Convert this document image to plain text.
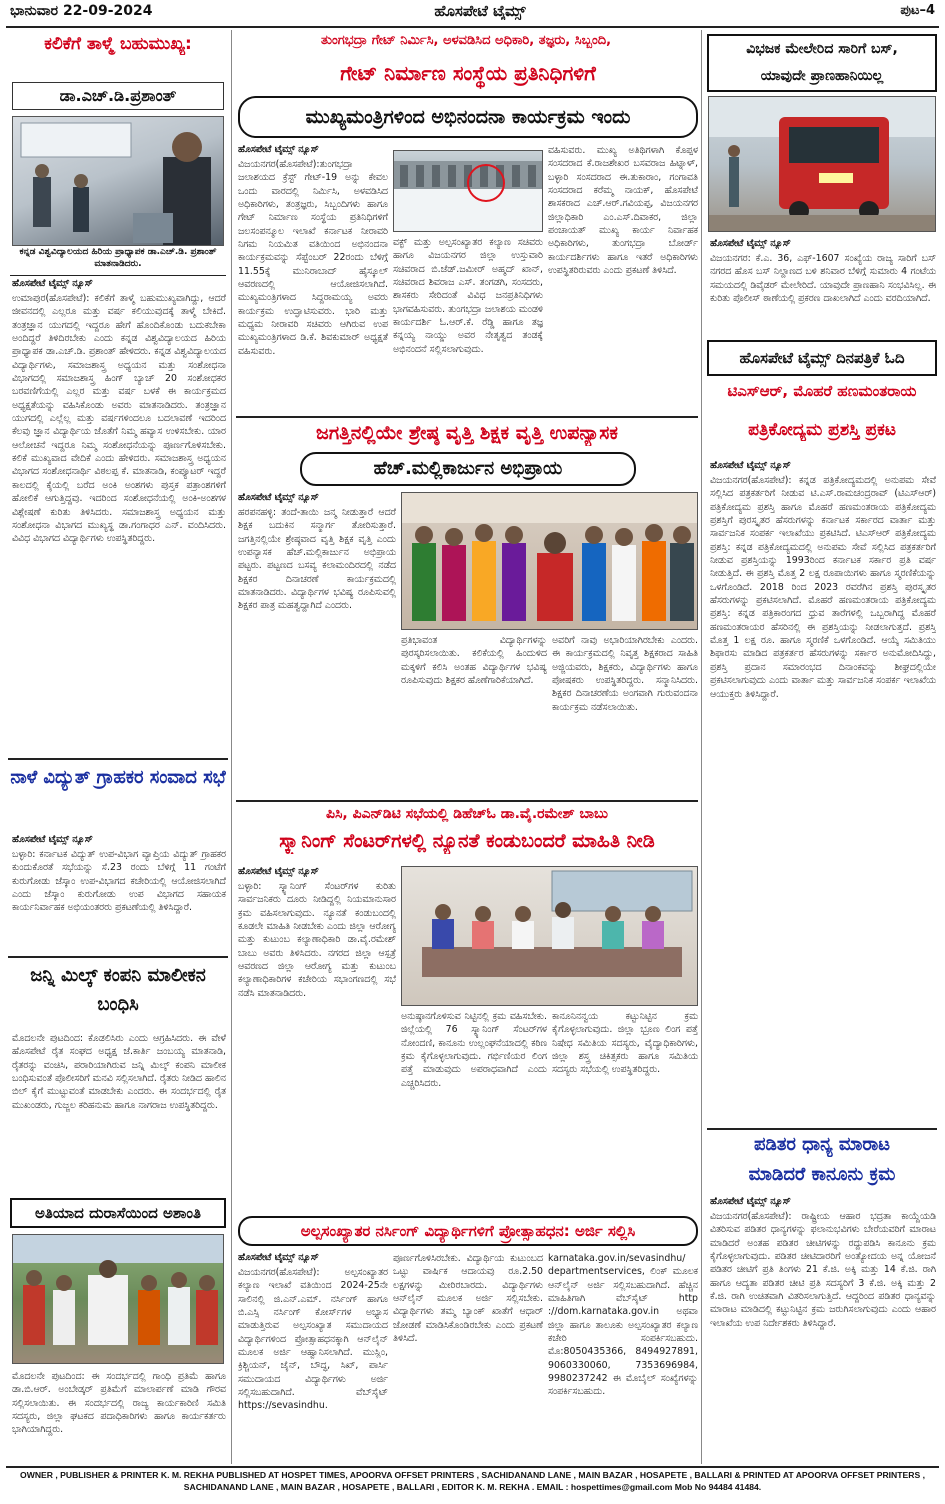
ಭಾನುವಾರ 22-09-2024	ಹೊಸಪೇಟೆ ಟೈಮ್ಸ್	ಪುಟ–4
ಕಲಿಕೆಗೆ ತಾಳ್ಮೆ ಬಹುಮುಖ್ಯ:
ಡಾ.ಎಚ್.ಡಿ.ಪ್ರಶಾಂತ್
ಕನ್ನಡ ವಿಶ್ವವಿದ್ಯಾಲಯದ ಹಿರಿಯ ಪ್ರಾಧ್ಯಾಪಕ ಡಾ.ಎಚ್.ಡಿ. ಪ್ರಶಾಂತ್ ಮಾತನಾಡಿದರು.
ಹೊಸಪೇಟೆ ಟೈಮ್ಸ್ ನ್ಯೂಸ್
ಉಮಾಪುರ(ಹೊಸಪೇಟೆ): ಕಲಿಕೆಗೆ ತಾಳ್ಮೆ ಬಹುಮುಖ್ಯವಾಗಿದ್ದು, ಆದರೆ ಜೀವನದಲ್ಲಿ ಎಲ್ಲರೂ ಮತ್ತು ವರ್ಷ ಕಲಿಯುವುದಕ್ಕೆ ತಾಳ್ಮೆ ಬೇಕಿದೆ. ತಂತ್ರಜ್ಞಾನ ಯುಗದಲ್ಲಿ ಇದ್ದರೂ ಹೇಗೆ ಹೊಂದಿಕೊಂಡು ಬದುಕಬೇಕಾ ಅಂದಿದ್ದರೆ ತಿಳಿದಿರಬೇಕು ಎಂದು ಕನ್ನಡ ವಿಶ್ವವಿದ್ಯಾಲಯದ ಹಿರಿಯ ಪ್ರಾಧ್ಯಾಪಕ ಡಾ.ಎಚ್.ಡಿ. ಪ್ರಶಾಂತ್ ಹೇಳಿದರು. ಕನ್ನಡ ವಿಶ್ವವಿದ್ಯಾಲಯದ ವಿದ್ಯಾರ್ಥಿಗಳು, ಸಮಾಜಶಾಸ್ತ್ರ ಅಧ್ಯಯನ ಮತ್ತು ಸಂಶೋಧನಾ ವಿಭಾಗದಲ್ಲಿ ಸಮಾಜಶಾಸ್ತ್ರ ಹಿಂಗ್ ಬ್ಯಾಚ್ 20 ಸಂಶೋಧಕರ ಬರವಣಿಗೆಯಲ್ಲಿ ಎಲ್ಲರ ಮತ್ತು ವರ್ಷ ಬಳಕೆ ಈ ಕಾರ್ಯಕ್ರಮದ ಅಧ್ಯಕ್ಷತೆಯನ್ನು ವಹಿಸಿಕೊಂಡು ಅವರು ಮಾತನಾಡಿದರು. ತಂತ್ರಜ್ಞಾನ ಯುಗದಲ್ಲಿ ಎಲ್ಲೆಲ್ಲ ಮತ್ತು ವರ್ಷಗಳಿಂದಲೂ ಬದಲಾವಣೆ ಇದರಿಂದ ಕೆಲವು ಜ್ಞಾನ ವಿದ್ಯಾರ್ಥಿಯ ಜೊತೆಗೆ ನಿಮ್ಮ ಹವ್ಯಾಸ ಉಳಿಸಬೇಕು. ಯಾರ ಆಲೋಚನೆ ಇದ್ದರೂ ನಿಮ್ಮ ಸಂಶೋಧನೆಯನ್ನು ಪೂರ್ಣಗೊಳಿಸಬೇಕು. ಕಲಿಕೆ ಮುಖ್ಯವಾದ ವೇದಿಕೆ ಎಂದು ಹೇಳಿದರು. ಸಮಾಜಶಾಸ್ತ್ರ ಅಧ್ಯಯನ ವಿಭಾಗದ ಸಂಶೋಧನಾರ್ಥಿ ವಿಠಲಪ್ಪ ಕೆ. ಮಾತನಾಡಿ, ಕಂಪ್ಯೂಟರ್ ಇದ್ದರೆ ಕಾಲದಲ್ಲಿ ಕೈಯಲ್ಲಿ ಬರೆದ ಅಂಕಿ ಅಂಶಗಳು ಪುಸ್ತಕ ಪತ್ರಾಂಶಗಳಿಗೆ ಹೋಲಿಕೆ ಆಗುತ್ತಿದ್ದವು. ಇದರಿಂದ ಸಂಶೋಧನೆಯಲ್ಲಿ ಅಂಕಿ-ಅಂಶಗಳ ವಿಶ್ಲೇಷಣೆ ಕುರಿತು ತಿಳಿಸಿದರು. ಸಮಾಜಶಾಸ್ತ್ರ ಅಧ್ಯಯನ ಮತ್ತು ಸಂಶೋಧನಾ ವಿಭಾಗದ ಮುಖ್ಯಸ್ಥ ಡಾ.ಗಂಗಾಧರ ಎನ್. ವಂದಿಸಿದರು. ವಿವಿಧ ವಿಭಾಗದ ವಿದ್ಯಾರ್ಥಿಗಳು ಉಪಸ್ಥಿತರಿದ್ದರು.
ನಾಳೆ ವಿದ್ಯುತ್ ಗ್ರಾಹಕರ ಸಂವಾದ ಸಭೆ
ಹೊಸಪೇಟೆ ಟೈಮ್ಸ್ ನ್ಯೂಸ್
ಬಳ್ಳಾರಿ: ಕರ್ನಾಟಕ ವಿದ್ಯುತ್ ಉಪ-ವಿಭಾಗ ವ್ಯಾಪ್ತಿಯ ವಿದ್ಯುತ್ ಗ್ರಾಹಕರ ಕುಂದುಕೊರತೆ ಸಭೆಯನ್ನು ಸೆ.23 ರಂದು ಬೆಳಿಗ್ಗೆ 11 ಗಂಟೆಗೆ ಕುರುಗೋಡು ಜೆಸ್ಕಾಂ ಉಪ-ವಿಭಾಗದ ಕಚೇರಿಯಲ್ಲಿ ಆಯೋಜಿಸಲಾಗಿದೆ ಎಂದು ಜೆಸ್ಕಾಂ ಕುರುಗೋಡು ಉಪ ವಿಭಾಗದ ಸಹಾಯಕ ಕಾರ್ಯನಿರ್ವಾಹಕ ಅಭಿಯಂತರರು ಪ್ರಕಟಣೆಯಲ್ಲಿ ತಿಳಿಸಿದ್ದಾರೆ.
ಜನ್ನಿ ಮಿಲ್ಕ್ ಕಂಪನಿ ಮಾಲೀಕನ ಬಂಧಿಸಿ
ಮೊದಲನೇ ಪುಟದಿಂದ: ಕೊಡಲಿಸಿರು ಎಂದು ಆಗ್ರಹಿಸಿದರು. ಈ ವೇಳೆ ಹೊಸಪೇಟೆ ರೈತ ಸಂಘದ ಅಧ್ಯಕ್ಷ ಜೆ.ಕಾರ್ತಿ ಜಂಬಯ್ಯ ಮಾತನಾಡಿ, ರೈತರನ್ನು ವಂಚಿಸಿ, ಪರಾರಿಯಾಗಿರುವ ಜನ್ನಿ ಮಿಲ್ಕ್ ಕಂಪನಿ ಮಾಲೀಕ ಬಂಧಿಸುವಂತೆ ಪೊಲೀಸರಿಗೆ ಮನವಿ ಸಲ್ಲಿಸಲಾಗಿದೆ. ರೈತರು ನೀಡಿದ ಹಾಲಿನ ಬಿಲ್ ಕೈಗೆ ಮುಟ್ಟುವಂತೆ ಮಾಡಬೇಕು ಎಂದರು. ಈ ಸಂದರ್ಭದಲ್ಲಿ ರೈತ ಮುಖಂಡರು, ಗುಜ್ಜಲ ಕರಿಹನುಮ ಹಾಗೂ ನಾಗರಾಜ ಉಪಸ್ಥಿತರಿದ್ದರು.
ಅತಿಯಾದ ದುರಾಸೆಯಿಂದ ಅಶಾಂತಿ
ಮೊದಲನೇ ಪುಟದಿಂದ: ಈ ಸಂದರ್ಭದಲ್ಲಿ ಗಾಂಧಿ ಪ್ರತಿಮೆ ಹಾಗೂ ಡಾ.ಬಿ.ಆರ್. ಅಂಬೇಡ್ಕರ್ ಪ್ರತಿಮೆಗೆ ಮಾಲಾರ್ಪಣೆ ಮಾಡಿ ಗೌರವ ಸಲ್ಲಿಸಲಾಯಿತು. ಈ ಸಂದರ್ಭದಲ್ಲಿ ರಾಜ್ಯ ಕಾರ್ಯಕಾರಿಣಿ ಸಮಿತಿ ಸದಸ್ಯರು, ಜಿಲ್ಲಾ ಘಟಕದ ಪದಾಧಿಕಾರಿಗಳು ಹಾಗೂ ಕಾರ್ಯಕರ್ತರು ಭಾಗಿಯಾಗಿದ್ದರು.
ತುಂಗಭದ್ರಾ ಗೇಟ್ ನಿರ್ಮಿಸಿ, ಅಳವಡಿಸಿದ ಅಧಿಕಾರಿ, ತಜ್ಞರು, ಸಿಬ್ಬಂದಿ,
ಗೇಟ್ ನಿರ್ಮಾಣ ಸಂಸ್ಥೆಯ ಪ್ರತಿನಿಧಿಗಳಿಗೆ
ಮುಖ್ಯಮಂತ್ರಿಗಳಿಂದ ಅಭಿನಂದನಾ ಕಾರ್ಯಕ್ರಮ ಇಂದು
ಹೊಸಪೇಟೆ ಟೈಮ್ಸ್ ನ್ಯೂಸ್
ವಿಜಯನಗರ(ಹೊಸಪೇಟೆ):ತುಂಗಭದ್ರಾ ಜಲಾಶಯದ ಕ್ರೆಸ್ಟ್ ಗೇಟ್-19 ಅನ್ನು ಕೇವಲ ಒಂದು ವಾರದಲ್ಲಿ ನಿರ್ಮಿಸಿ, ಅಳವಡಿಸಿದ ಅಧಿಕಾರಿಗಳು, ತಂತ್ರಜ್ಞರು, ಸಿಬ್ಬಂದಿಗಳು ಹಾಗೂ ಗೇಟ್ ನಿರ್ಮಾಣ ಸಂಸ್ಥೆಯ ಪ್ರತಿನಿಧಿಗಳಿಗೆ ಜಲಸಂಪನ್ಮೂಲ ಇಲಾಖೆ ಕರ್ನಾಟಕ ನೀರಾವರಿ ನಿಗಮ ನಿಯಮಿತ ವತಿಯಿಂದ ಅಭಿನಂದನಾ ಕಾರ್ಯಕ್ರಮವನ್ನು ಸೆಪ್ಟೆಂಬರ್ 22ರಂದು ಬೆಳಿಗ್ಗೆ 11.55ಕ್ಕೆ ಮುನಿರಾಬಾದ್ ಹೈಸ್ಕೂಲ್ ಆವರಣದಲ್ಲಿ ಆಯೋಜಿಸಲಾಗಿದೆ. ಮುಖ್ಯಮಂತ್ರಿಗಳಾದ ಸಿದ್ದರಾಮಯ್ಯ ಅವರು ಕಾರ್ಯಕ್ರಮ ಉದ್ಘಾಟಿಸುವರು. ಭಾರಿ ಮತ್ತು ಮಧ್ಯಮ ನೀರಾವರಿ ಸಚಿವರು ಆಗಿರುವ ಉಪ ಮುಖ್ಯಮಂತ್ರಿಗಳಾದ ಡಿ.ಕೆ. ಶಿವಕುಮಾರ್ ಅಧ್ಯಕ್ಷತೆ ವಹಿಸುವರು.
ವಕ್ಫ್ ಮತ್ತು ಅಲ್ಪಸಂಖ್ಯಾತರ ಕಲ್ಯಾಣ ಸಚಿವರು ಹಾಗೂ ವಿಜಯನಗರ ಜಿಲ್ಲಾ ಉಸ್ತುವಾರಿ ಸಚಿವರಾದ ಬಿ.ಜೆಡ್.ಜಮೀರ್ ಅಹ್ಮದ್ ಖಾನ್, ಸಚಿವರಾದ ಶಿವರಾಜ ಎಸ್. ತಂಗಡಗಿ, ಸಂಸದರು, ಶಾಸಕರು ಸೇರಿದಂತೆ ವಿವಿಧ ಜನಪ್ರತಿನಿಧಿಗಳು ಭಾಗವಹಿಸುವರು. ತುಂಗಭದ್ರಾ ಜಲಾಶಯ ಮಂಡಳಿ ಕಾರ್ಯದರ್ಶಿ ಓ.ಆರ್.ಕೆ. ರೆಡ್ಡಿ ಹಾಗೂ ತಜ್ಞ ಕನ್ನಯ್ಯ ನಾಯ್ಡು ಅವರ ನೇತೃತ್ವದ ತಂಡಕ್ಕೆ ಅಭಿನಂದನೆ ಸಲ್ಲಿಸಲಾಗುವುದು.
ವಹಿಸುವರು. ಮುಖ್ಯ ಅತಿಥಿಗಳಾಗಿ ಕೊಪ್ಪಳ ಸಂಸದರಾದ ಕೆ.ರಾಜಶೇಖರ ಬಸವರಾಜ ಹಿಟ್ನಾಳ್, ಬಳ್ಳಾರಿ ಸಂಸದರಾದ ಈ.ತುಕಾರಾಂ, ಗಂಗಾವತಿ ಸಂಸದರಾದ ಕರೆಮ್ಮ ನಾಯಕ್, ಹೊಸಪೇಟೆ ಶಾಸಕರಾದ ಎಚ್.ಆರ್.ಗವಿಯಪ್ಪ, ವಿಜಯನಗರ ಜಿಲ್ಲಾಧಿಕಾರಿ ಎಂ.ಎಸ್.ದಿವಾಕರ, ಜಿಲ್ಲಾ ಪಂಚಾಯತ್ ಮುಖ್ಯ ಕಾರ್ಯ ನಿರ್ವಾಹಕ ಅಧಿಕಾರಿಗಳು, ತುಂಗಭದ್ರಾ ಬೋರ್ಡ್ ಕಾರ್ಯದರ್ಶಿಗಳು ಹಾಗೂ ಇತರೆ ಅಧಿಕಾರಿಗಳು ಉಪಸ್ಥಿತರಿರುವರು ಎಂದು ಪ್ರಕಟಣೆ ತಿಳಿಸಿದೆ.
ಜಗತ್ತಿನಲ್ಲಿಯೇ ಶ್ರೇಷ್ಠ ವೃತ್ತಿ ಶಿಕ್ಷಕ ವೃತ್ತಿ ಉಪನ್ಯಾಸಕ
ಹೆಚ್.ಮಲ್ಲಿಕಾರ್ಜುನ ಅಭಿಪ್ರಾಯ
ಹೊಸಪೇಟೆ ಟೈಮ್ಸ್ ನ್ಯೂಸ್
ಹರಪನಹಳ್ಳಿ: ತಂದೆ-ತಾಯಿ ಜನ್ಮ ನೀಡುತ್ತಾರೆ ಆದರೆ ಶಿಕ್ಷಕ ಬದುಕಿನ ಸನ್ಮಾರ್ಗ ತೋರಿಸುತ್ತಾರೆ. ಜಗತ್ತಿನಲ್ಲಿಯೇ ಶ್ರೇಷ್ಠವಾದ ವೃತ್ತಿ ಶಿಕ್ಷಕ ವೃತ್ತಿ ಎಂದು ಉಪನ್ಯಾಸಕ ಹೆಚ್.ಮಲ್ಲಿಕಾರ್ಜುನ ಅಭಿಪ್ರಾಯ ಪಟ್ಟರು. ಪಟ್ಟಣದ ಬಸವ್ಯ ಕಲಾಮಂದಿರದಲ್ಲಿ ನಡೆದ ಶಿಕ್ಷಕರ ದಿನಾಚರಣೆ ಕಾರ್ಯಕ್ರಮದಲ್ಲಿ ಮಾತನಾಡಿದರು. ವಿದ್ಯಾರ್ಥಿಗಳ ಭವಿಷ್ಯ ರೂಪಿಸುವಲ್ಲಿ ಶಿಕ್ಷಕರ ಪಾತ್ರ ಮಹತ್ವದ್ದಾಗಿದೆ ಎಂದರು.
ಪ್ರತಿಭಾವಂತ ವಿದ್ಯಾರ್ಥಿಗಳನ್ನು ಪುರಸ್ಕರಿಸಲಾಯಿತು. ಕಲಿಕೆಯಲ್ಲಿ ಹಿಂದುಳಿದ ಮಕ್ಕಳಿಗೆ ಕಲಿಸಿ ಅಂತಹ ವಿದ್ಯಾರ್ಥಿಗಳ ಭವಿಷ್ಯ ರೂಪಿಸುವುದು ಶಿಕ್ಷಕರ ಹೊಣೆಗಾರಿಕೆಯಾಗಿದೆ.
ಅವರಿಗೆ ನಾವು ಅಭಾರಿಯಾಗಿರಬೇಕು ಎಂದರು. ಈ ಕಾರ್ಯಕ್ರಮದಲ್ಲಿ ನಿವೃತ್ತ ಶಿಕ್ಷಕರಾದ ಸಾಹಿತಿ ಅಜ್ಜಿಯವರು, ಶಿಕ್ಷಕರು, ವಿದ್ಯಾರ್ಥಿಗಳು ಹಾಗೂ ಪೋಷಕರು ಉಪಸ್ಥಿತರಿದ್ದರು. ಸನ್ಮಾನಿಸಿದರು. ಶಿಕ್ಷಕರ ದಿನಾಚರಣೆಯ ಅಂಗವಾಗಿ ಗುರುವಂದನಾ ಕಾರ್ಯಕ್ರಮ ನಡೆಸಲಾಯಿತು.
ಪಿಸಿ, ಪಿಎನ್‌ಡಿಟಿ ಸಭೆಯಲ್ಲಿ ಡಿಹೆಚ್‌ಓ ಡಾ.ವೈ.ರಮೇಶ್ ಬಾಬು
ಸ್ಕ್ಯಾನಿಂಗ್ ಸೆಂಟರ್‌ಗಳಲ್ಲಿ ನ್ಯೂನತೆ ಕಂಡುಬಂದರೆ ಮಾಹಿತಿ ನೀಡಿ
ಹೊಸಪೇಟೆ ಟೈಮ್ಸ್ ನ್ಯೂಸ್
ಬಳ್ಳಾರಿ: ಸ್ಕ್ಯಾನಿಂಗ್ ಸೆಂಟರ್‌ಗಳ ಕುರಿತು ಸಾರ್ವಜನಿಕರು ದೂರು ನೀಡಿದ್ದಲ್ಲಿ ನಿಯಮಾನುಸಾರ ಕ್ರಮ ವಹಿಸಲಾಗುವುದು. ನ್ಯೂನತೆ ಕಂಡುಬಂದಲ್ಲಿ ಕೂಡಲೇ ಮಾಹಿತಿ ನೀಡಬೇಕು ಎಂದು ಜಿಲ್ಲಾ ಆರೋಗ್ಯ ಮತ್ತು ಕುಟುಂಬ ಕಲ್ಯಾಣಾಧಿಕಾರಿ ಡಾ.ವೈ.ರಮೇಶ್ ಬಾಬು ಅವರು ತಿಳಿಸಿದರು. ನಗರದ ಜಿಲ್ಲಾ ಆಸ್ಪತ್ರೆ ಆವರಣದ ಜಿಲ್ಲಾ ಆರೋಗ್ಯ ಮತ್ತು ಕುಟುಂಬ ಕಲ್ಯಾಣಾಧಿಕಾರಿಗಳ ಕಚೇರಿಯ ಸಭಾಂಗಣದಲ್ಲಿ ಸಭೆ ನಡೆಸಿ ಮಾತನಾಡಿದರು.
ಅನುಷ್ಠಾನಗೊಳಿಸುವ ನಿಟ್ಟಿನಲ್ಲಿ ಕ್ರಮ ವಹಿಸಬೇಕು. ಜಿಲ್ಲೆಯಲ್ಲಿ 76 ಸ್ಕ್ಯಾನಿಂಗ್ ಸೆಂಟರ್‌ಗಳ ನೋಂದಣಿ, ಕಾನೂನು ಉಲ್ಲಂಘನೆಯಾದಲ್ಲಿ ಕಠಿಣ ಕ್ರಮ ಕೈಗೊಳ್ಳಲಾಗುವುದು. ಗರ್ಭಿಣಿಯರ ಲಿಂಗ ಪತ್ತೆ ಮಾಡುವುದು ಅಪರಾಧವಾಗಿದೆ ಎಂದು ಎಚ್ಚರಿಸಿದರು.
ಕಾನೂನಿನನ್ವಯ ಕಟ್ಟುನಿಟ್ಟಿನ ಕ್ರಮ ಕೈಗೊಳ್ಳಲಾಗುವುದು. ಜಿಲ್ಲಾ ಭ್ರೂಣ ಲಿಂಗ ಪತ್ತೆ ನಿಷೇಧ ಸಮಿತಿಯ ಸದಸ್ಯರು, ವೈದ್ಯಾಧಿಕಾರಿಗಳು, ಜಿಲ್ಲಾ ಶಸ್ತ್ರ ಚಿಕಿತ್ಸಕರು ಹಾಗೂ ಸಮಿತಿಯ ಸದಸ್ಯರು ಸಭೆಯಲ್ಲಿ ಉಪಸ್ಥಿತರಿದ್ದರು.
ಅಲ್ಪಸಂಖ್ಯಾತರ ನರ್ಸಿಂಗ್ ವಿದ್ಯಾರ್ಥಿಗಳಿಗೆ ಪ್ರೋತ್ಸಾಹಧನ: ಅರ್ಜಿ ಸಲ್ಲಿಸಿ
ಹೊಸಪೇಟೆ ಟೈಮ್ಸ್ ನ್ಯೂಸ್
ವಿಜಯನಗರ(ಹೊಸಪೇಟೆ): ಅಲ್ಪಸಂಖ್ಯಾತರ ಕಲ್ಯಾಣ ಇಲಾಖೆ ವತಿಯಿಂದ 2024-25ನೇ ಸಾಲಿನಲ್ಲಿ ಜಿ.ಎನ್.ಎಮ್. ನರ್ಸಿಂಗ್ ಹಾಗೂ ಬಿ.ಎಸ್ಸಿ ನರ್ಸಿಂಗ್ ಕೋರ್ಸ್‌ಗಳ ಅಭ್ಯಾಸ ಮಾಡುತ್ತಿರುವ ಅಲ್ಪಸಂಖ್ಯಾತ ಸಮುದಾಯದ ವಿದ್ಯಾರ್ಥಿಗಳಿಂದ ಪ್ರೋತ್ಸಾಹಧನಕ್ಕಾಗಿ ಆನ್‌ಲೈನ್ ಮೂಲಕ ಅರ್ಜಿ ಆಹ್ವಾನಿಸಲಾಗಿದೆ. ಮುಸ್ಲಿಂ, ಕ್ರಿಶ್ಚಿಯನ್, ಜೈನ್, ಬೌದ್ಧ, ಸಿಖ್, ಪಾರ್ಸಿ ಸಮುದಾಯದ ವಿದ್ಯಾರ್ಥಿಗಳು ಅರ್ಜಿ ಸಲ್ಲಿಸಬಹುದಾಗಿದೆ. ವೆಬ್‌ಸೈಟ್ https://sevasindhu.
ಪೂರ್ಣಗೊಳಿಸಿರಬೇಕು. ವಿದ್ಯಾರ್ಥಿಯ ಕುಟುಂಬದ ಒಟ್ಟು ವಾರ್ಷಿಕ ಆದಾಯವು ರೂ.2.50 ಲಕ್ಷಗಳನ್ನು ಮೀರಿರಬಾರದು. ವಿದ್ಯಾರ್ಥಿಗಳು ಆನ್‌ಲೈನ್ ಮೂಲಕ ಅರ್ಜಿ ಸಲ್ಲಿಸಬೇಕು. ವಿದ್ಯಾರ್ಥಿಗಳು ತಮ್ಮ ಬ್ಯಾಂಕ್ ಖಾತೆಗೆ ಆಧಾರ್ ಜೋಡಣೆ ಮಾಡಿಸಿಕೊಂಡಿರಬೇಕು ಎಂದು ಪ್ರಕಟಣೆ ತಿಳಿಸಿದೆ.
karnataka.gov.in/sevasindhu/ departmentservices, ಲಿಂಕ್ ಮೂಲಕ ಆನ್‌ಲೈನ್ ಅರ್ಜಿ ಸಲ್ಲಿಸಬಹುದಾಗಿದೆ. ಹೆಚ್ಚಿನ ಮಾಹಿತಿಗಾಗಿ ವೆಬ್‌ಸೈಟ್ http ://dom.karnataka.gov.in ಅಥವಾ ಜಿಲ್ಲಾ ಹಾಗೂ ತಾಲೂಕು ಅಲ್ಪಸಂಖ್ಯಾತರ ಕಲ್ಯಾಣ ಕಚೇರಿ ಸಂಪರ್ಕಿಸಬಹುದು. ಮೊ:8050435366, 8494927891, 9060330060, 7353696984, 9980237242 ಈ ಮೊಬೈಲ್ ಸಂಖ್ಯೆಗಳನ್ನು ಸಂಪರ್ಕಿಸಬಹುದು.
ವಿಭಜಕ ಮೇಲೇರಿದ ಸಾರಿಗೆ ಬಸ್,
ಯಾವುದೇ ಪ್ರಾಣಹಾನಿಯಿಲ್ಲ
ಹೊಸಪೇಟೆ ಟೈಮ್ಸ್ ನ್ಯೂಸ್
ವಿಜಯನಗರ: ಕೆ.ಎ. 36, ಎಫ್-1607 ಸಂಖ್ಯೆಯ ರಾಜ್ಯ ಸಾರಿಗೆ ಬಸ್ ನಗರದ ಹೊಸ ಬಸ್ ನಿಲ್ದಾಣದ ಬಳಿ ಶನಿವಾರ ಬೆಳಿಗ್ಗೆ ಸುಮಾರು 4 ಗಂಟೆಯ ಸಮಯದಲ್ಲಿ ಡಿವೈಡರ್ ಮೇಲೇರಿದೆ. ಯಾವುದೇ ಪ್ರಾಣಹಾನಿ ಸಂಭವಿಸಿಲ್ಲ. ಈ ಕುರಿತು ಪೊಲೀಸ್ ಠಾಣೆಯಲ್ಲಿ ಪ್ರಕರಣ ದಾಖಲಾಗಿದೆ ಎಂದು ವರದಿಯಾಗಿದೆ.
ಹೊಸಪೇಟೆ ಟೈಮ್ಸ್ ದಿನಪತ್ರಿಕೆ ಓದಿ
ಟಿಎಸ್‌ಆರ್, ಮೊಹರೆ ಹಣಮಂತರಾಯ
ಪತ್ರಿಕೋದ್ಯಮ ಪ್ರಶಸ್ತಿ ಪ್ರಕಟ
ಹೊಸಪೇಟೆ ಟೈಮ್ಸ್ ನ್ಯೂಸ್
ವಿಜಯನಗರ(ಹೊಸಪೇಟೆ): ಕನ್ನಡ ಪತ್ರಿಕೋದ್ಯಮದಲ್ಲಿ ಅನುಪಮ ಸೇವೆ ಸಲ್ಲಿಸಿದ ಪತ್ರಕರ್ತರಿಗೆ ನೀಡುವ ಟಿ.ಎಸ್.ರಾಮಚಂದ್ರರಾವ್ (ಟಿಎಸ್‌ಆರ್) ಪತ್ರಿಕೋದ್ಯಮ ಪ್ರಶಸ್ತಿ ಹಾಗೂ ಮೊಹರೆ ಹಣಮಂತರಾಯ ಪತ್ರಿಕೋದ್ಯಮ ಪ್ರಶಸ್ತಿಗೆ ಪುರಸ್ಕೃತರ ಹೆಸರುಗಳನ್ನು ಕರ್ನಾಟಕ ಸರ್ಕಾರದ ವಾರ್ತಾ ಮತ್ತು ಸಾರ್ವಜನಿಕ ಸಂಪರ್ಕ ಇಲಾಖೆಯು ಪ್ರಕಟಿಸಿದೆ. ಟಿಎಸ್‌ಆರ್ ಪತ್ರಿಕೋದ್ಯಮ ಪ್ರಶಸ್ತಿ: ಕನ್ನಡ ಪತ್ರಿಕೋದ್ಯಮದಲ್ಲಿ ಅನುಪಮ ಸೇವೆ ಸಲ್ಲಿಸಿದ ಪತ್ರಕರ್ತರಿಗೆ ನೀಡುವ ಪ್ರಶಸ್ತಿಯನ್ನು 1993ರಿಂದ ಕರ್ನಾಟಕ ಸರ್ಕಾರ ಪ್ರತಿ ವರ್ಷ ನೀಡುತ್ತಿದೆ. ಈ ಪ್ರಶಸ್ತಿ ಮೊತ್ತ 2 ಲಕ್ಷ ರೂಪಾಯಿಗಳು ಹಾಗೂ ಸ್ಮರಣಿಕೆಯನ್ನು ಒಳಗೊಂಡಿದೆ. 2018 ರಿಂದ 2023 ರವರೆಗಿನ ಪ್ರಶಸ್ತಿ ಪುರಸ್ಕೃತರ ಹೆಸರುಗಳನ್ನು ಪ್ರಕಟಿಸಲಾಗಿದೆ. ಮೊಹರೆ ಹಣಮಂತರಾಯ ಪತ್ರಿಕೋದ್ಯಮ ಪ್ರಶಸ್ತಿ: ಕನ್ನಡ ಪತ್ರಿಕಾರಂಗದ ಧ್ರುವ ತಾರೆಗಳಲ್ಲಿ ಒಬ್ಬರಾಗಿದ್ದ ಮೊಹರೆ ಹಣಮಂತರಾಯರ ಹೆಸರಿನಲ್ಲಿ ಈ ಪ್ರಶಸ್ತಿಯನ್ನು ನೀಡಲಾಗುತ್ತದೆ. ಪ್ರಶಸ್ತಿ ಮೊತ್ತ 1 ಲಕ್ಷ ರೂ. ಹಾಗೂ ಸ್ಮರಣಿಕೆ ಒಳಗೊಂಡಿದೆ. ಆಯ್ಕೆ ಸಮಿತಿಯು ಶಿಫಾರಸು ಮಾಡಿದ ಪತ್ರಕರ್ತರ ಹೆಸರುಗಳನ್ನು ಸರ್ಕಾರ ಅನುಮೋದಿಸಿದ್ದು, ಪ್ರಶಸ್ತಿ ಪ್ರದಾನ ಸಮಾರಂಭದ ದಿನಾಂಕವನ್ನು ಶೀಘ್ರದಲ್ಲಿಯೇ ಪ್ರಕಟಿಸಲಾಗುವುದು ಎಂದು ವಾರ್ತಾ ಮತ್ತು ಸಾರ್ವಜನಿಕ ಸಂಪರ್ಕ ಇಲಾಖೆಯ ಆಯುಕ್ತರು ತಿಳಿಸಿದ್ದಾರೆ.
ಪಡಿತರ ಧಾನ್ಯ ಮಾರಾಟ
ಮಾಡಿದರೆ ಕಾನೂನು ಕ್ರಮ
ಹೊಸಪೇಟೆ ಟೈಮ್ಸ್ ನ್ಯೂಸ್
ವಿಜಯನಗರ(ಹೊಸಪೇಟೆ): ರಾಷ್ಟ್ರೀಯ ಆಹಾರ ಭದ್ರತಾ ಕಾಯ್ದೆಯಡಿ ವಿತರಿಸುವ ಪಡಿತರ ಧಾನ್ಯಗಳನ್ನು ಫಲಾನುಭವಿಗಳು ಬೇರೆಯವರಿಗೆ ಮಾರಾಟ ಮಾಡಿದರೆ ಅಂತಹ ಪಡಿತರ ಚೀಟಿಗಳನ್ನು ರದ್ದುಪಡಿಸಿ ಕಾನೂನು ಕ್ರಮ ಕೈಗೊಳ್ಳಲಾಗುವುದು. ಪಡಿತರ ಚೀಟಿದಾರರಿಗೆ ಅಂತ್ಯೋದಯ ಅನ್ನ ಯೋಜನೆ ಪಡಿತರ ಚೀಟಿಗೆ ಪ್ರತಿ ತಿಂಗಳು 21 ಕೆ.ಜಿ. ಅಕ್ಕಿ ಮತ್ತು 14 ಕೆ.ಜಿ. ರಾಗಿ ಹಾಗೂ ಆದ್ಯತಾ ಪಡಿತರ ಚೀಟಿ ಪ್ರತಿ ಸದಸ್ಯರಿಗೆ 3 ಕೆ.ಜಿ. ಅಕ್ಕಿ ಮತ್ತು 2 ಕೆ.ಜಿ. ರಾಗಿ ಉಚಿತವಾಗಿ ವಿತರಿಸಲಾಗುತ್ತಿದೆ. ಆದ್ದರಿಂದ ಪಡಿತರ ಧಾನ್ಯವನ್ನು ಮಾರಾಟ ಮಾಡಿದಲ್ಲಿ ಕಟ್ಟುನಿಟ್ಟಿನ ಕ್ರಮ ಜರುಗಿಸಲಾಗುವುದು ಎಂದು ಆಹಾರ ಇಲಾಖೆಯ ಉಪ ನಿರ್ದೇಶಕರು ತಿಳಿಸಿದ್ದಾರೆ.
OWNER , PUBLISHER & PRINTER K. M. REKHA PUBLISHED AT HOSPET TIMES, APOORVA OFFSET PRINTERS , SACHIDANAND LANE , MAIN BAZAR , HOSAPETE , BALLARI & PRINTED AT APOORVA OFFSET PRINTERS ,
SACHIDANAND LANE , MAIN BAZAR , HOSAPETE , BALLARI , EDITOR K. M. REKHA . EMAIL : hospettimes@gmail.com Mob No 94484 41484.
